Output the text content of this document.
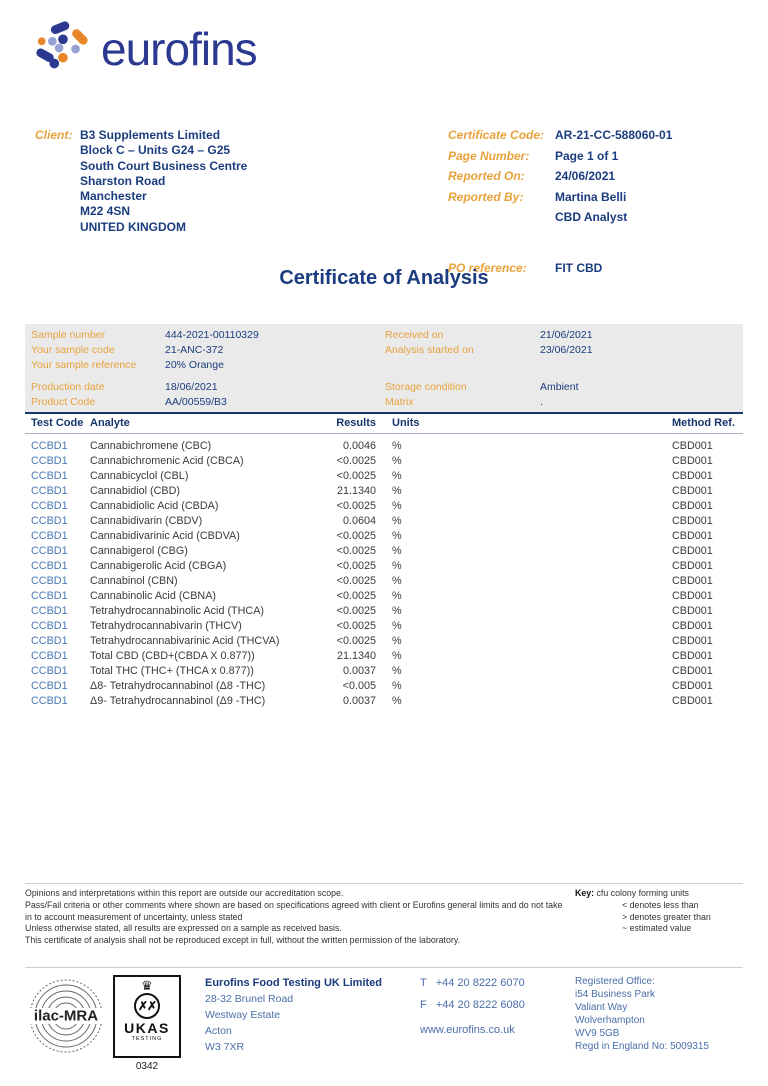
eurofins
Client: B3 Supplements Limited
Block C – Units G24 – G25
South Court Business Centre
Sharston Road
Manchester
M22 4SN
UNITED KINGDOM
Certificate Code: AR-21-CC-588060-01
Page Number: Page 1 of 1
Reported On:	24/06/2021
Reported By:	Martina Belli
CBD Analyst
PO reference: FIT CBD
Certificate of Analysis
Sample number	444-2021-00110329	Received on	21/06/2021
Your sample code	21-ANC-372	Analysis started on	23/06/2021
Your sample reference	20% Orange
Production date	18/06/2021	Storage condition	Ambient
Product Code	AA/00559/B3	Matrix	.
Test Code Analyte	Results	Units	Method Ref.
CCBD1	Cannabichromene (CBC)	0.0046	%	CBD001
CCBD1	Cannabichromenic Acid (CBCA)	<0.0025	%	CBD001
CCBD1	Cannabicyclol (CBL)	<0.0025	%	CBD001
CCBD1	Cannabidiol (CBD)	21.1340	%	CBD001
CCBD1	Cannabidiolic Acid (CBDA)	<0.0025	%	CBD001
CCBD1	Cannabidivarin (CBDV)	0.0604	%	CBD001
CCBD1	Cannabidivarinic Acid (CBDVA)	<0.0025	%	CBD001
CCBD1	Cannabigerol (CBG)	<0.0025	%	CBD001
CCBD1	Cannabigerolic Acid (CBGA)	<0.0025	%	CBD001
CCBD1	Cannabinol (CBN)	<0.0025	%	CBD001
CCBD1	Cannabinolic Acid (CBNA)	<0.0025	%	CBD001
CCBD1	Tetrahydrocannabinolic Acid (THCA)	<0.0025	%	CBD001
CCBD1	Tetrahydrocannabivarin (THCV)	<0.0025	%	CBD001
CCBD1	Tetrahydrocannabivarinic Acid (THCVA)	<0.0025	%	CBD001
CCBD1	Total CBD (CBD+(CBDA X 0.877))	21.1340	%	CBD001
CCBD1	Total THC (THC+ (THCA x 0.877))	0.0037	%	CBD001
CCBD1	Δ8- Tetrahydrocannabinol (Δ8 -THC)	<0.005	%	CBD001
CCBD1	Δ9- Tetrahydrocannabinol (Δ9 -THC)	0.0037	%	CBD001
Opinions and interpretations within this report are outside our accreditation scope.
Pass/Fail criteria or other comments where shown are based on specifications agreed with client or Eurofins general limits and do not take in to account measurement of uncertainty, unless stated
Unless otherwise stated, all results are expressed on a sample as received basis.
This certificate of analysis shall not be reproduced except in full, without the written permission of the laboratory.
Key: cfu colony forming units
< denotes less than
> denotes greater than
~ estimated value
ilac-MRA
♛
✗✗
UKAS
TESTING
0342
Eurofins Food Testing UK Limited
28-32 Brunel Road
Westway Estate
Acton
W3 7XR
T   +44 20 8222 6070
F   +44 20 8222 6080
www.eurofins.co.uk
Registered Office:
i54 Business Park
Valiant Way
Wolverhampton
WV9 5GB
Regd in England No: 5009315
